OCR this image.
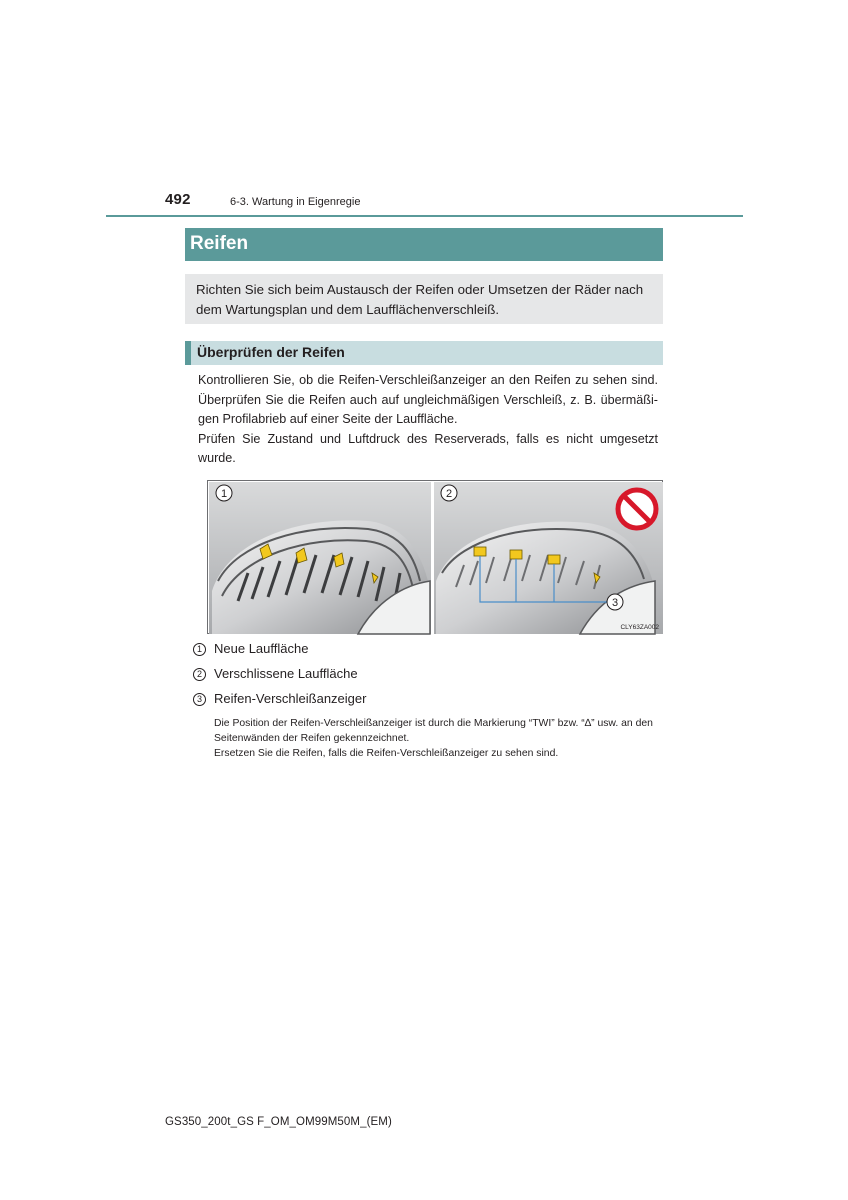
492	6-3. Wartung in Eigenregie
Reifen
Richten Sie sich beim Austausch der Reifen oder Umsetzen der Räder nach dem Wartungsplan und dem Laufflächenverschleiß.
Überprüfen der Reifen

Kontrollieren Sie, ob die Reifen-Verschleißanzeiger an den Reifen zu sehen sind. Überprüfen Sie die Reifen auch auf ungleichmäßigen Verschleiß, z. B. übermäßi-gen Profilabrieb auf einer Seite der Lauffläche.

Prüfen Sie Zustand und Luftdruck des Reserverads, falls es nicht umgesetzt wurde.

1	2
3
CLY63ZA002
1 Neue Lauffläche
2 Verschlissene Lauffläche
3 Reifen-Verschleißanzeiger

Die Position der Reifen-Verschleißanzeiger ist durch die Markierung “TWI” bzw. “∆” usw. an den Seitenwänden der Reifen gekennzeichnet.

Ersetzen Sie die Reifen, falls die Reifen-Verschleißanzeiger zu sehen sind.

GS350_200t_GS F_OM_OM99M50M_(EM)
